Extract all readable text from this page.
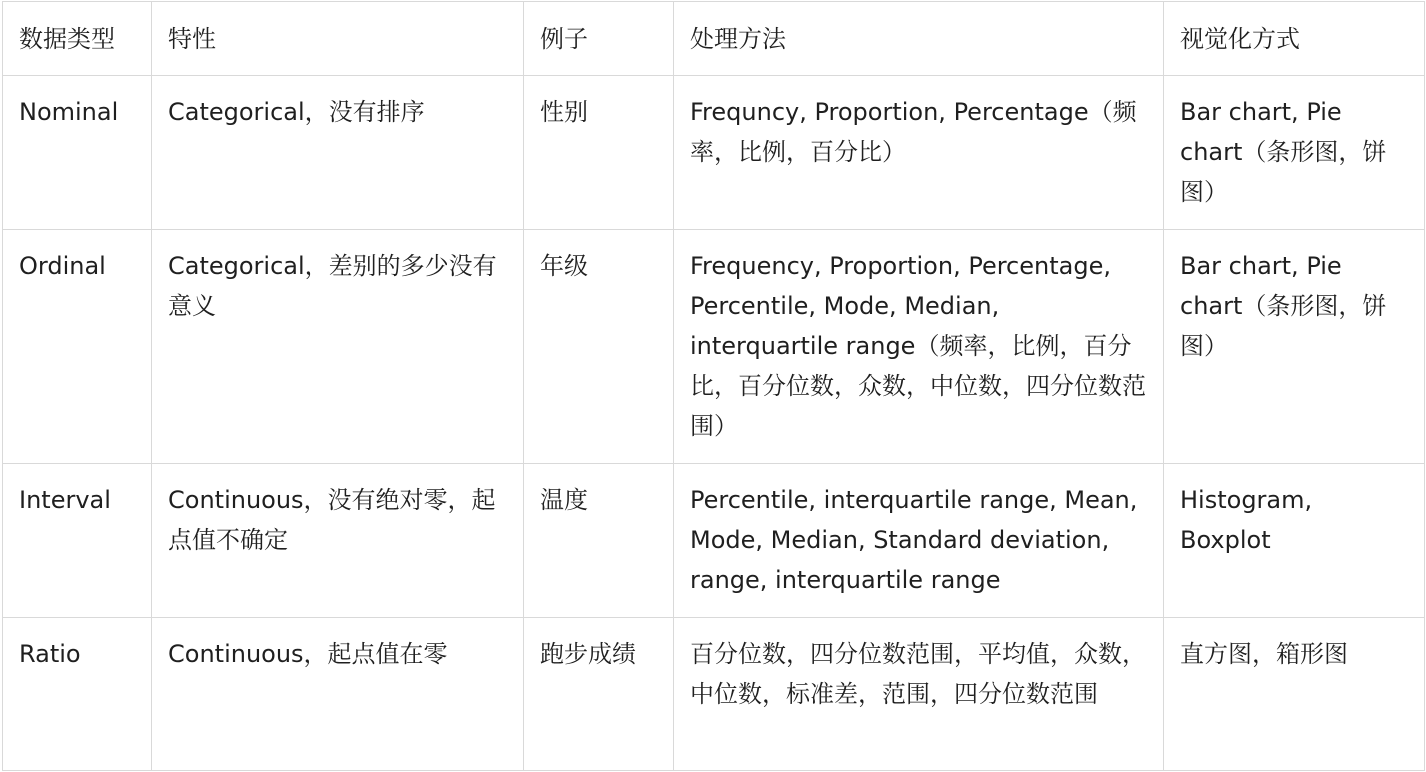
数据类型	特性	例子	处理方法	视觉化方式
Nominal	Categorical，没有排序	性别	Frequncy, Proportion, Percentage（频率，比例，百分比）	Bar chart, Pie chart（条形图，饼图）
Ordinal	Categorical，差别的多少没有意义	年级	Frequency, Proportion, Percentage, Percentile, Mode, Median, interquartile range（频率，比例，百分比，百分位数，众数，中位数，四分位数范围）	Bar chart, Pie chart（条形图，饼图）
Interval	Continuous，没有绝对零，起点值不确定	温度	Percentile, interquartile range, Mean, Mode, Median, Standard deviation, range, interquartile range	Histogram, Boxplot
Ratio	Continuous，起点值在零	跑步成绩	百分位数，四分位数范围，平均值，众数，中位数，标准差，范围，四分位数范围	直方图，箱形图
